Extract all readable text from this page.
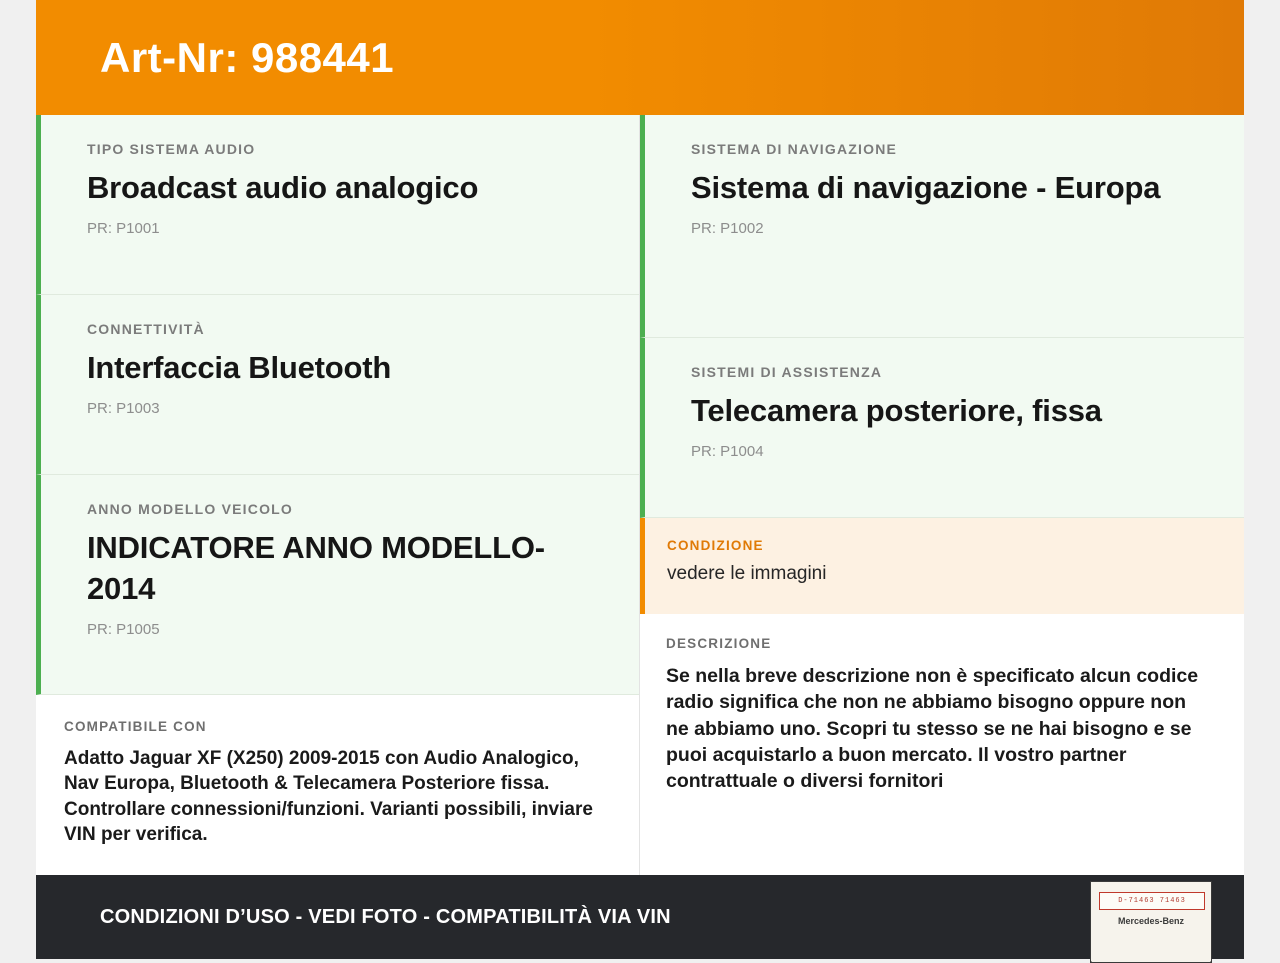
Art-Nr: 988441
TIPO SISTEMA AUDIO
Broadcast audio analogico
PR: P1001
CONNETTIVITÀ
Interfaccia Bluetooth
PR: P1003
ANNO MODELLO VEICOLO
INDICATORE ANNO MODELLO-2014
PR: P1005
COMPATIBILE CON
Adatto Jaguar XF (X250) 2009-2015 con Audio Analogico, Nav Europa, Bluetooth & Telecamera Posteriore fissa. Controllare connessioni/funzioni. Varianti possibili, inviare VIN per verifica.
SISTEMA DI NAVIGAZIONE
Sistema di navigazione - Europa
PR: P1002
SISTEMI DI ASSISTENZA
Telecamera posteriore, fissa
PR: P1004
CONDIZIONE
vedere le immagini
DESCRIZIONE
Se nella breve descrizione non è specificato alcun codice radio significa che non ne abbiamo bisogno oppure non ne abbiamo uno. Scopri tu stesso se ne hai bisogno e se puoi acquistarlo a buon mercato. Il vostro partner contrattuale o diversi fornitori
CONDIZIONI D’USO - VEDI FOTO - COMPATIBILITÀ VIA VIN
D-71463 71463
Mercedes-Benz
